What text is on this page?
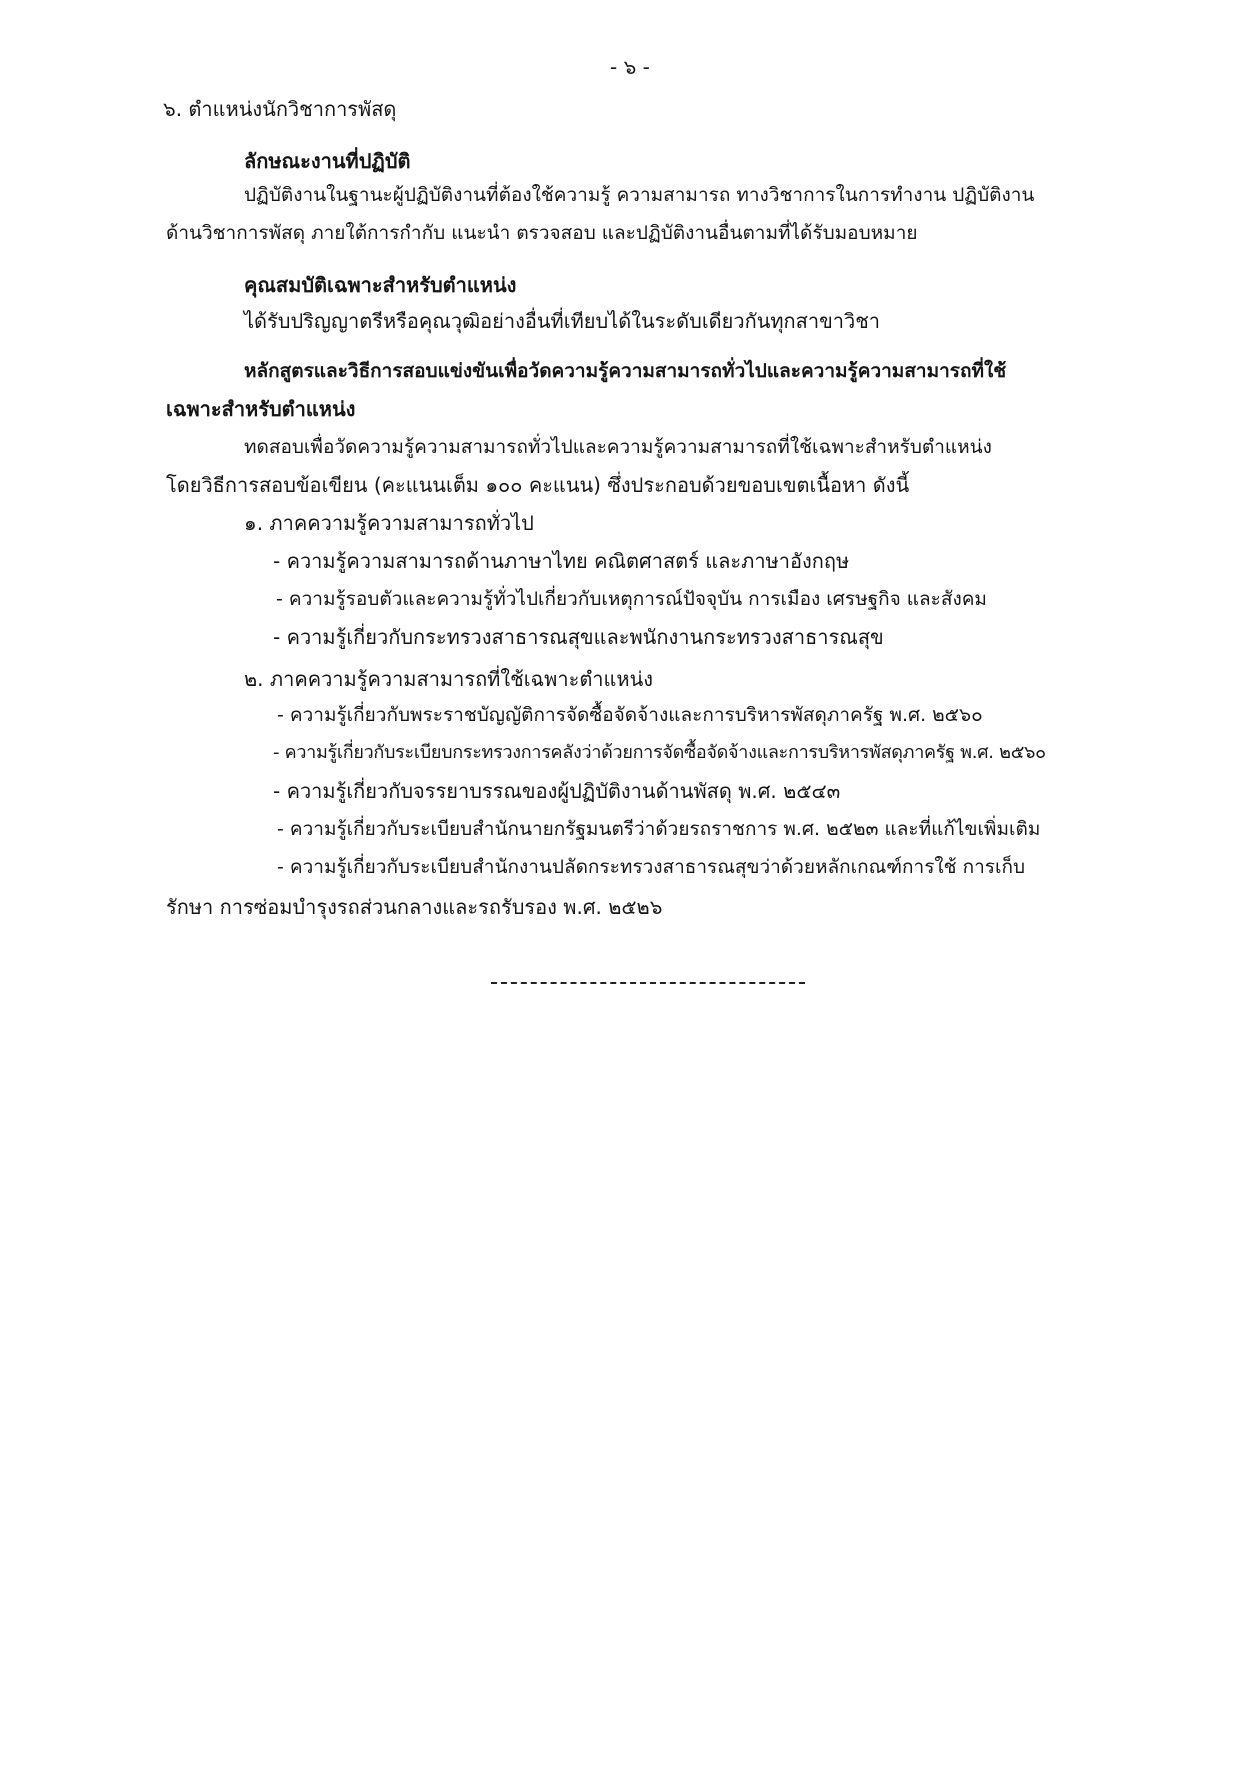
- ๖ -
๖. ตำแหน่งนักวิชาการพัสดุ
ลักษณะงานที่ปฏิบัติ
ปฏิบัติงานในฐานะผู้ปฏิบัติงานที่ต้องใช้ความรู้ ความสามารถ ทางวิชาการในการทำงาน ปฏิบัติงาน
ด้านวิชาการพัสดุ ภายใต้การกำกับ แนะนำ ตรวจสอบ และปฏิบัติงานอื่นตามที่ได้รับมอบหมาย
คุณสมบัติเฉพาะสำหรับตำแหน่ง
ได้รับปริญญาตรีหรือคุณวุฒิอย่างอื่นที่เทียบได้ในระดับเดียวกันทุกสาขาวิชา
หลักสูตรและวิธีการสอบแข่งขันเพื่อวัดความรู้ความสามารถทั่วไปและความรู้ความสามารถที่ใช้
เฉพาะสำหรับตำแหน่ง
ทดสอบเพื่อวัดความรู้ความสามารถทั่วไปและความรู้ความสามารถที่ใช้เฉพาะสำหรับตำแหน่ง
โดยวิธีการสอบข้อเขียน (คะแนนเต็ม ๑๐๐ คะแนน) ซึ่งประกอบด้วยขอบเขตเนื้อหา ดังนี้
๑. ภาคความรู้ความสามารถทั่วไป
- ความรู้ความสามารถด้านภาษาไทย คณิตศาสตร์ และภาษาอังกฤษ
- ความรู้รอบตัวและความรู้ทั่วไปเกี่ยวกับเหตุการณ์ปัจจุบัน การเมือง เศรษฐกิจ และสังคม
- ความรู้เกี่ยวกับกระทรวงสาธารณสุขและพนักงานกระทรวงสาธารณสุข
๒. ภาคความรู้ความสามารถที่ใช้เฉพาะตำแหน่ง
- ความรู้เกี่ยวกับพระราชบัญญัติการจัดซื้อจัดจ้างและการบริหารพัสดุภาครัฐ พ.ศ. ๒๕๖๐
- ความรู้เกี่ยวกับระเบียบกระทรวงการคลังว่าด้วยการจัดซื้อจัดจ้างและการบริหารพัสดุภาครัฐ พ.ศ. ๒๕๖๐
- ความรู้เกี่ยวกับจรรยาบรรณของผู้ปฏิบัติงานด้านพัสดุ พ.ศ. ๒๕๔๓
- ความรู้เกี่ยวกับระเบียบสำนักนายกรัฐมนตรีว่าด้วยรถราชการ พ.ศ. ๒๕๒๓ และที่แก้ไขเพิ่มเติม
- ความรู้เกี่ยวกับระเบียบสำนักงานปลัดกระทรวงสาธารณสุขว่าด้วยหลักเกณฑ์การใช้ การเก็บ
รักษา การซ่อมบำรุงรถส่วนกลางและรถรับรอง พ.ศ. ๒๕๒๖
